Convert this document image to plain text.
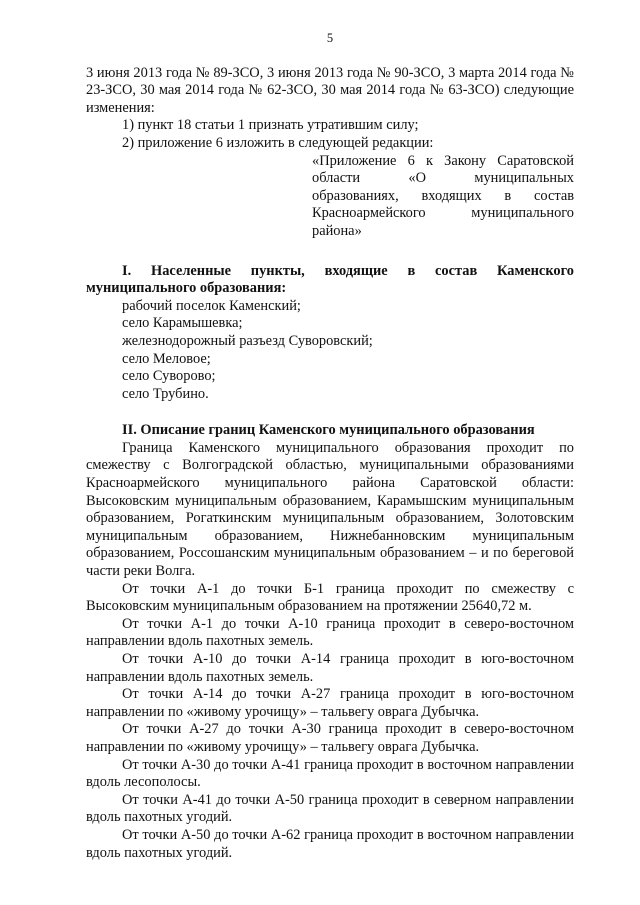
5

3 июня 2013 года № 89-ЗСО, 3 июня 2013 года № 90-ЗСО, 3 марта 2014 года № 23-ЗСО, 30 мая 2014 года № 62-ЗСО, 30 мая 2014 года № 63-ЗСО) следующие изменения:

1) пункт 18 статьи 1 признать утратившим силу;

2) приложение 6 изложить в следующей редакции:

«Приложение 6 к Закону Саратовской области «О муниципальных образованиях, входящих в состав Красноармейского муниципального района»

I. Населенные пункты, входящие в состав Каменского муниципального образования:

рабочий поселок Каменский;

село Карамышевка;

железнодорожный разъезд Суворовский;

село Меловое;

село Суворово;

село Трубино.

II. Описание границ Каменского муниципального образования

Граница Каменского муниципального образования проходит по смежеству с Волгоградской областью, муниципальными образованиями Красноармейского муниципального района Саратовской области: Высоковским муниципальным образованием, Карамышским муниципальным образованием, Рогаткинским муниципальным образованием, Золотовским муниципальным образованием, Нижнебанновским муниципальным образованием, Россошанским муниципальным образованием – и по береговой части реки Волга.

От точки А-1 до точки Б-1 граница проходит по смежеству с Высоковским муниципальным образованием на протяжении 25640,72 м.

От точки А-1 до точки А-10 граница проходит в северо-восточном направлении вдоль пахотных земель.

От точки А-10 до точки А-14 граница проходит в юго-восточном направлении вдоль пахотных земель.

От точки А-14 до точки А-27 граница проходит в юго-восточном направлении по «живому урочищу» – тальвегу оврага Дубычка.

От точки А-27 до точки А-30 граница проходит в северо-восточном направлении по «живому урочищу» – тальвегу оврага Дубычка.

От точки А-30 до точки А-41 граница проходит в восточном направлении вдоль лесополосы.

От точки А-41 до точки А-50 граница проходит в северном направлении вдоль пахотных угодий.

От точки А-50 до точки А-62 граница проходит в восточном направлении вдоль пахотных угодий.
